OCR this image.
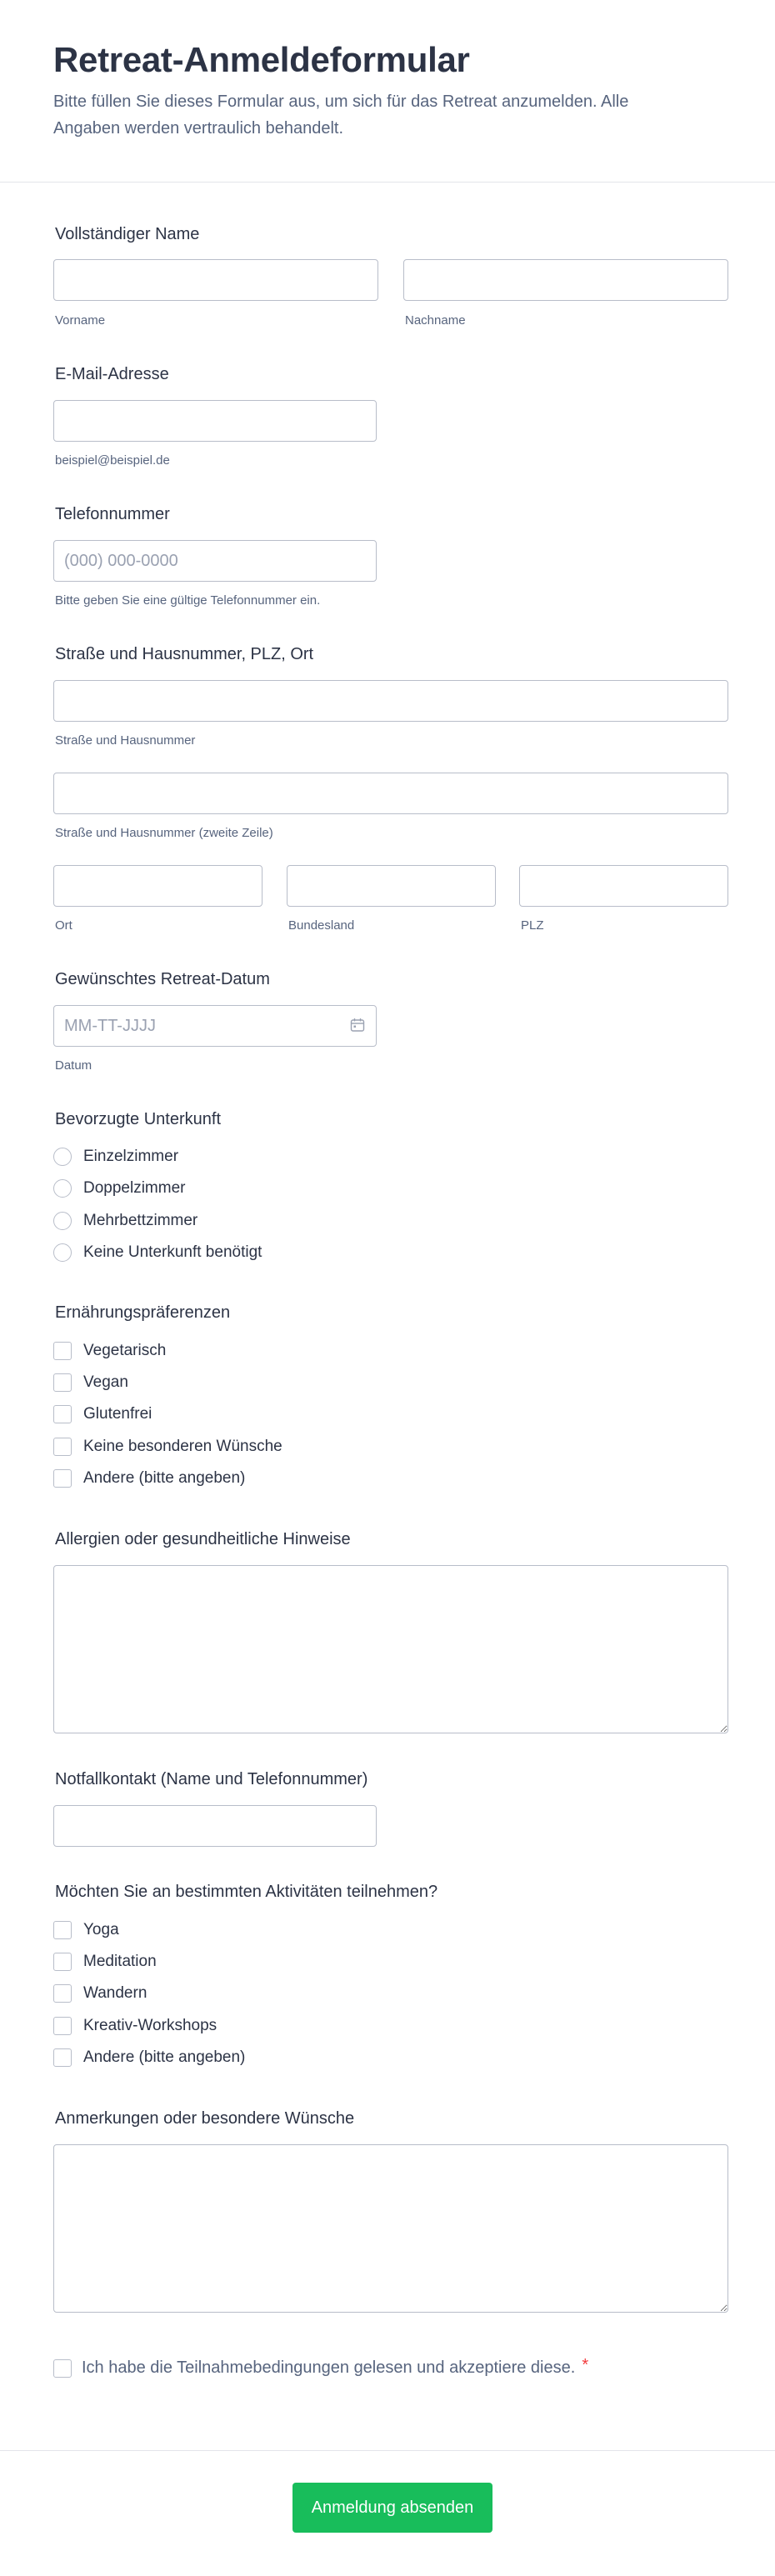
Retreat-Anmeldeformular

Bitte füllen Sie dieses Formular aus, um sich für das Retreat anzumelden. Alle Angaben werden vertraulich behandelt.

Vollständiger Name
Vorname	Nachname
E-Mail-Adresse
beispiel@beispiel.de
Telefonnummer
(000) 000-0000
Bitte geben Sie eine gültige Telefonnummer ein.
Straße und Hausnummer, PLZ, Ort
Straße und Hausnummer
Straße und Hausnummer (zweite Zeile)
Ort	Bundesland	PLZ
Gewünschtes Retreat-Datum
MM-TT-JJJJ
Datum
Bevorzugte Unterkunft
Einzelzimmer
Doppelzimmer
Mehrbettzimmer
Keine Unterkunft benötigt
Ernährungspräferenzen
Vegetarisch
Vegan
Glutenfrei
Keine besonderen Wünsche
Andere (bitte angeben)
Allergien oder gesundheitliche Hinweise
Notfallkontakt (Name und Telefonnummer)
Möchten Sie an bestimmten Aktivitäten teilnehmen?
Yoga
Meditation
Wandern
Kreativ-Workshops
Andere (bitte angeben)
Anmerkungen oder besondere Wünsche
Ich habe die Teilnahmebedingungen gelesen und akzeptiere diese. *
Anmeldung absenden
